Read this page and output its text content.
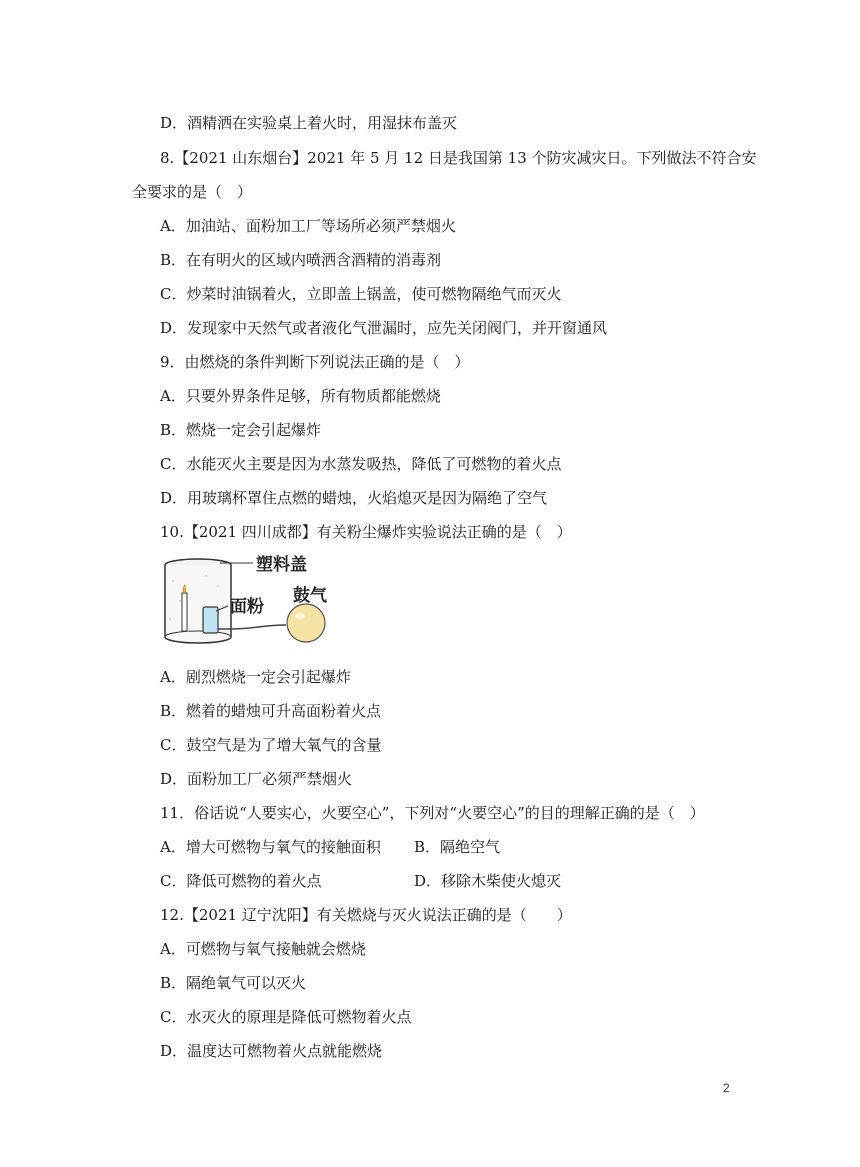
D．酒精洒在实验桌上着火时，用湿抹布盖灭
8.【2021 山东烟台】2021 年 5 月 12 日是我国第 13 个防灾减灾日。下列做法不符合安
全要求的是（　）
A．加油站、面粉加工厂等场所必须严禁烟火
B．在有明火的区域内喷洒含酒精的消毒剂
C．炒菜时油锅着火，立即盖上锅盖，使可燃物隔绝气而灭火
D．发现家中天然气或者液化气泄漏时，应先关闭阀门，并开窗通风
9．由燃烧的条件判断下列说法正确的是（　）
A．只要外界条件足够，所有物质都能燃烧
B．燃烧一定会引起爆炸
C．水能灭火主要是因为水蒸发吸热，降低了可燃物的着火点
D．用玻璃杯罩住点燃的蜡烛，火焰熄灭是因为隔绝了空气
10.【2021 四川成都】有关粉尘爆炸实验说法正确的是（　）
塑料盖
面粉
鼓气
A．剧烈燃烧一定会引起爆炸
B．燃着的蜡烛可升高面粉着火点
C．鼓空气是为了增大氧气的含量
D．面粉加工厂必须严禁烟火
11．俗话说“人要实心，火要空心”，下列对“火要空心”的目的理解正确的是（　）
A．增大可燃物与氧气的接触面积 B．隔绝空气
C．降低可燃物的着火点	D．移除木柴使火熄灭
12.【2021 辽宁沈阳】有关燃烧与灭火说法正确的是（　　）
A．可燃物与氧气接触就会燃烧
B．隔绝氧气可以灭火
C．水灭火的原理是降低可燃物着火点
D．温度达可燃物着火点就能燃烧
2
